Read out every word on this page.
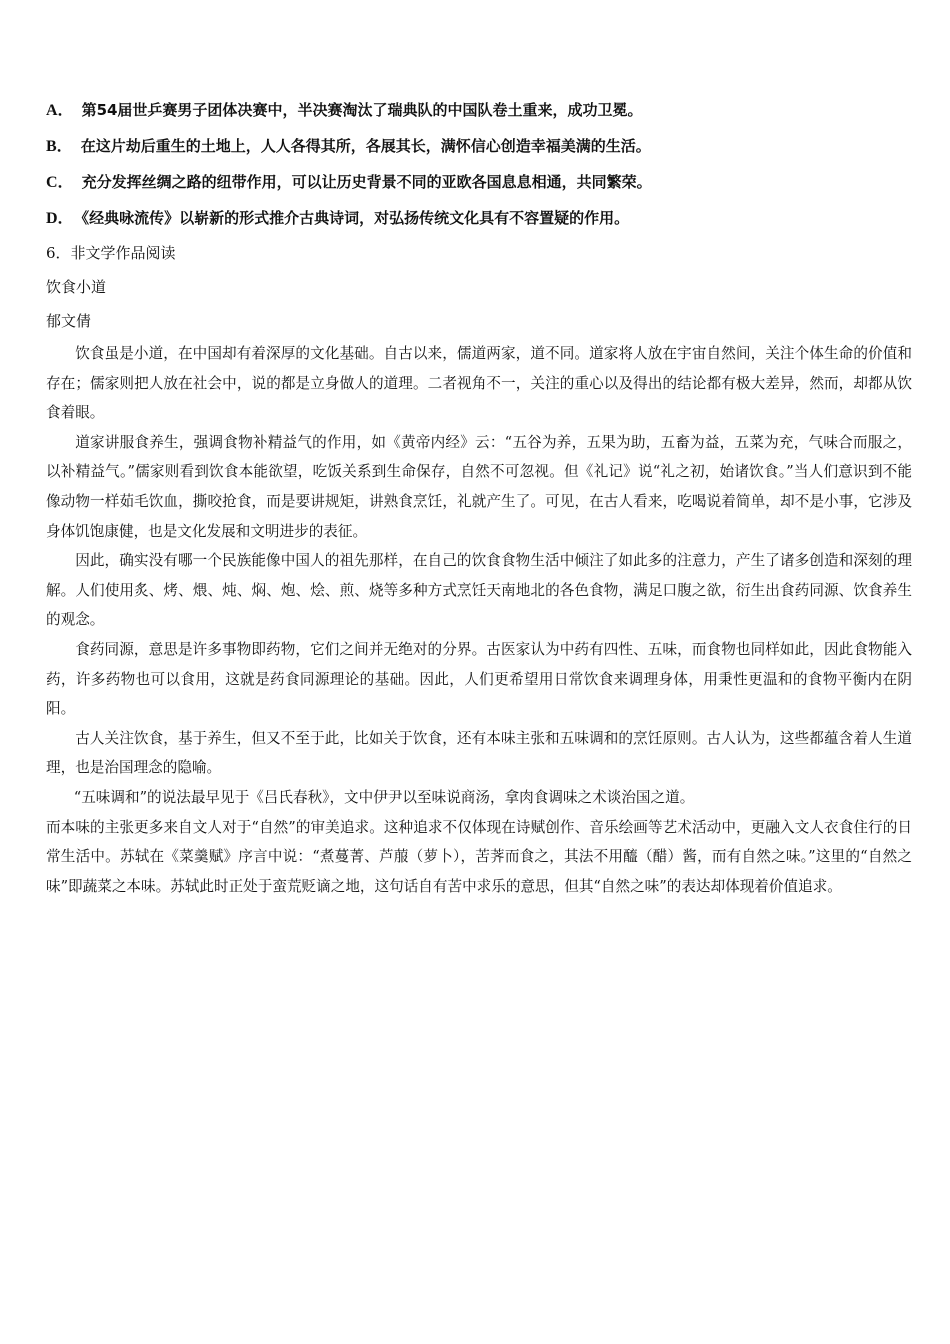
A． 第54届世乒赛男子团体决赛中，半决赛淘汰了瑞典队的中国队卷土重来，成功卫冕。
B． 在这片劫后重生的土地上，人人各得其所，各展其长，满怀信心创造幸福美满的生活。
C． 充分发挥丝绸之路的纽带作用，可以让历史背景不同的亚欧各国息息相通，共同繁荣。
D． 《经典咏流传》以崭新的形式推介古典诗词，对弘扬传统文化具有不容置疑的作用。
6．非文学作品阅读
饮食小道
郁文倩

饮食虽是小道，在中国却有着深厚的文化基础。自古以来，儒道两家，道不同。道家将人放在宇宙自然间，关注个体生命的价值和存在；儒家则把人放在社会中，说的都是立身做人的道理。二者视角不一，关注的重心以及得出的结论都有极大差异，然而，却都从饮食着眼。

道家讲服食养生，强调食物补精益气的作用，如《黄帝内经》云：“五谷为养，五果为助，五畜为益，五菜为充，气味合而服之，以补精益气。”儒家则看到饮食本能欲望，吃饭关系到生命保存，自然不可忽视。但《礼记》说“礼之初，始诸饮食。”当人们意识到不能像动物一样茹毛饮血，撕咬抢食，而是要讲规矩，讲熟食烹饪，礼就产生了。可见，在古人看来，吃喝说着简单，却不是小事，它涉及身体饥饱康健，也是文化发展和文明进步的表征。

因此，确实没有哪一个民族能像中国人的祖先那样，在自己的饮食食物生活中倾注了如此多的注意力，产生了诸多创造和深刻的理解。人们使用炙、烤、煨、炖、焖、炮、烩、煎、烧等多种方式烹饪天南地北的各色食物，满足口腹之欲，衍生出食药同源、饮食养生的观念。

食药同源，意思是许多事物即药物，它们之间并无绝对的分界。古医家认为中药有四性、五味，而食物也同样如此，因此食物能入药，许多药物也可以食用，这就是药食同源理论的基础。因此，人们更希望用日常饮食来调理身体，用秉性更温和的食物平衡内在阴阳。

古人关注饮食，基于养生，但又不至于此，比如关于饮食，还有本味主张和五味调和的烹饪原则。古人认为，这些都蕴含着人生道理，也是治国理念的隐喻。

“五味调和”的说法最早见于《吕氏春秋》，文中伊尹以至味说商汤，拿肉食调味之术谈治国之道。

而本味的主张更多来自文人对于“自然”的审美追求。这种追求不仅体现在诗赋创作、音乐绘画等艺术活动中，更融入文人衣食住行的日常生活中。苏轼在《菜羹赋》序言中说：“煮蔓菁、芦菔（萝卜），苦荠而食之，其法不用醯（醋）酱，而有自然之味。”这里的“自然之味”即蔬菜之本味。苏轼此时正处于蛮荒贬谪之地，这句话自有苦中求乐的意思，但其“自然之味”的表达却体现着价值追求。
